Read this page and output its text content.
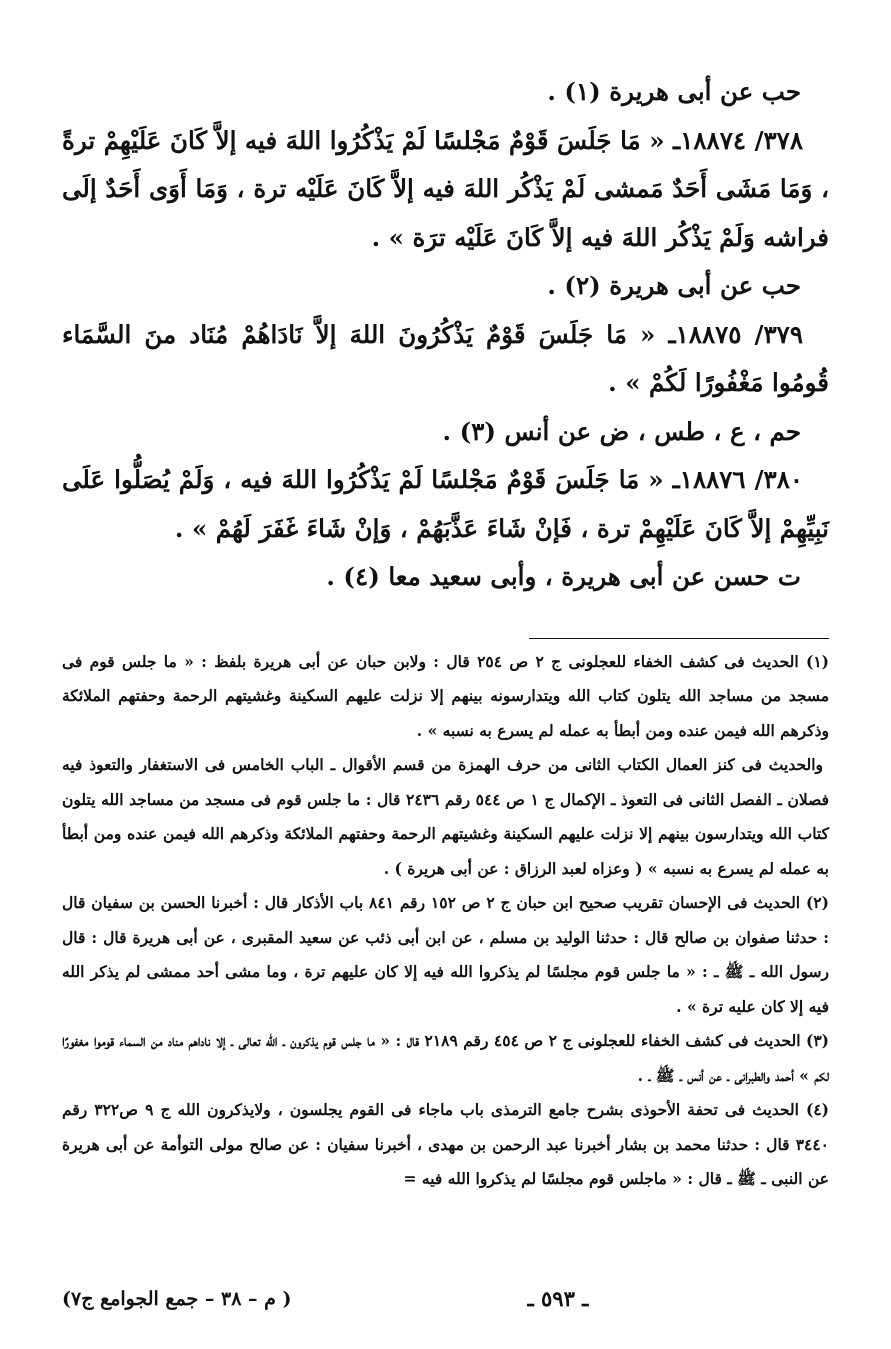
حب عن أبى هريرة (١) .

٣٧٨/ ١٨٨٧٤ـ « مَا جَلَسَ قَوْمٌ مَجْلسًا لَمْ يَذْكُرُوا اللهَ فيه إلاَّ كَانَ عَلَيْهِمْ ترةً ، وَمَا مَشَى أَحَدٌ مَمشى لَمْ يَذْكُر اللهَ فيه إلاَّ كَانَ عَلَيْه ترة ، وَمَا أَوَى أَحَدٌ إلَى فراشه وَلَمْ يَذْكُر اللهَ فيه إلاَّ كَانَ عَلَيْه ترَة » .

حب عن أبى هريرة (٢) .

٣٧٩/ ١٨٨٧٥ـ « مَا جَلَسَ قَوْمٌ يَذْكُرُونَ اللهَ إلاَّ نَادَاهُمْ مُنَاد منَ السَّمَاء قُومُوا مَغْفُورًا لَكُمْ » .

حم ، ع ، طس ، ض عن أنس (٣) .

٣٨٠/ ١٨٨٧٦ـ « مَا جَلَسَ قَوْمٌ مَجْلسًا لَمْ يَذْكُرُوا اللهَ فيه ، وَلَمْ يُصَلُّوا عَلَى نَبِيِّهِمْ إلاَّ كَانَ عَلَيْهِمْ ترة ، فَإنْ شَاءَ عَذَّبَهُمْ ، وَإنْ شَاءَ غَفَرَ لَهُمْ » .

ت حسن عن أبى هريرة ، وأبى سعيد معا (٤) .

(١) الحديث فى كشف الخفاء للعجلونى ج ٢ ص ٢٥٤ قال : ولابن حبان عن أبى هريرة بلفظ : « ما جلس قوم فى مسجد من مساجد الله يتلون كتاب الله ويتدارسونه بينهم إلا نزلت عليهم السكينة وغشيتهم الرحمة وحفتهم الملائكة وذكرهم الله فيمن عنده ومن أبطأ به عمله لم يسرع به نسبه » .

والحديث فى كنز العمال الكتاب الثانى من حرف الهمزة من قسم الأقوال ـ الباب الخامس فى الاستغفار والتعوذ فيه فصلان ـ الفصل الثانى فى التعوذ ـ الإكمال ج ١ ص ٥٤٤ رقم ٢٤٣٦ قال : ما جلس قوم فى مسجد من مساجد الله يتلون كتاب الله ويتدارسون بينهم إلا نزلت عليهم السكينة وغشيتهم الرحمة وحفتهم الملائكة وذكرهم الله فيمن عنده ومن أبطأ به عمله لم يسرع به نسبه » ( وعزاه لعبد الرزاق : عن أبى هريرة ) .

(٢) الحديث فى الإحسان تقريب صحيح ابن حبان ج ٢ ص ١٥٢ رقم ٨٤١ باب الأذكار قال : أخبرنا الحسن بن سفيان قال : حدثنا صفوان بن صالح قال : حدثنا الوليد بن مسلم ، عن ابن أبى ذئب عن سعيد المقبرى ، عن أبى هريرة قال : قال رسول الله ـ ﷺ ـ : « ما جلس قوم مجلسًا لم يذكروا الله فيه إلا كان عليهم ترة ، وما مشى أحد ممشى لم يذكر الله فيه إلا كان عليه ترة » .

(٣) الحديث فى كشف الخفاء للعجلونى ج ٢ ص ٤٥٤ رقم ٢١٨٩ قال : « ما جلس قوم يذكرون ـ الله تعالى ـ إلا ناداهم مناد من السماء قوموا مغفورًا لكم » أحمد والطبرانى ـ عن أنس ـ ﷺ ـ .

(٤) الحديث فى تحفة الأحوذى بشرح جامع الترمذى باب ماجاء فى القوم يجلسون ، ولايذكرون الله ج ٩ ص٣٢٢ رقم ٣٤٤٠ قال : حدثنا محمد بن بشار أخبرنا عبد الرحمن بن مهدى ، أخبرنا سفيان : عن صالح مولى التوأمة عن أبى هريرة عن النبى ـ ﷺ ـ قال : « ماجلس قوم مجلسًا لم يذكروا الله فيه =

( م – ٣٨ – جمع الجوامع ج٧)	ـ ٥٩٣ ـ
